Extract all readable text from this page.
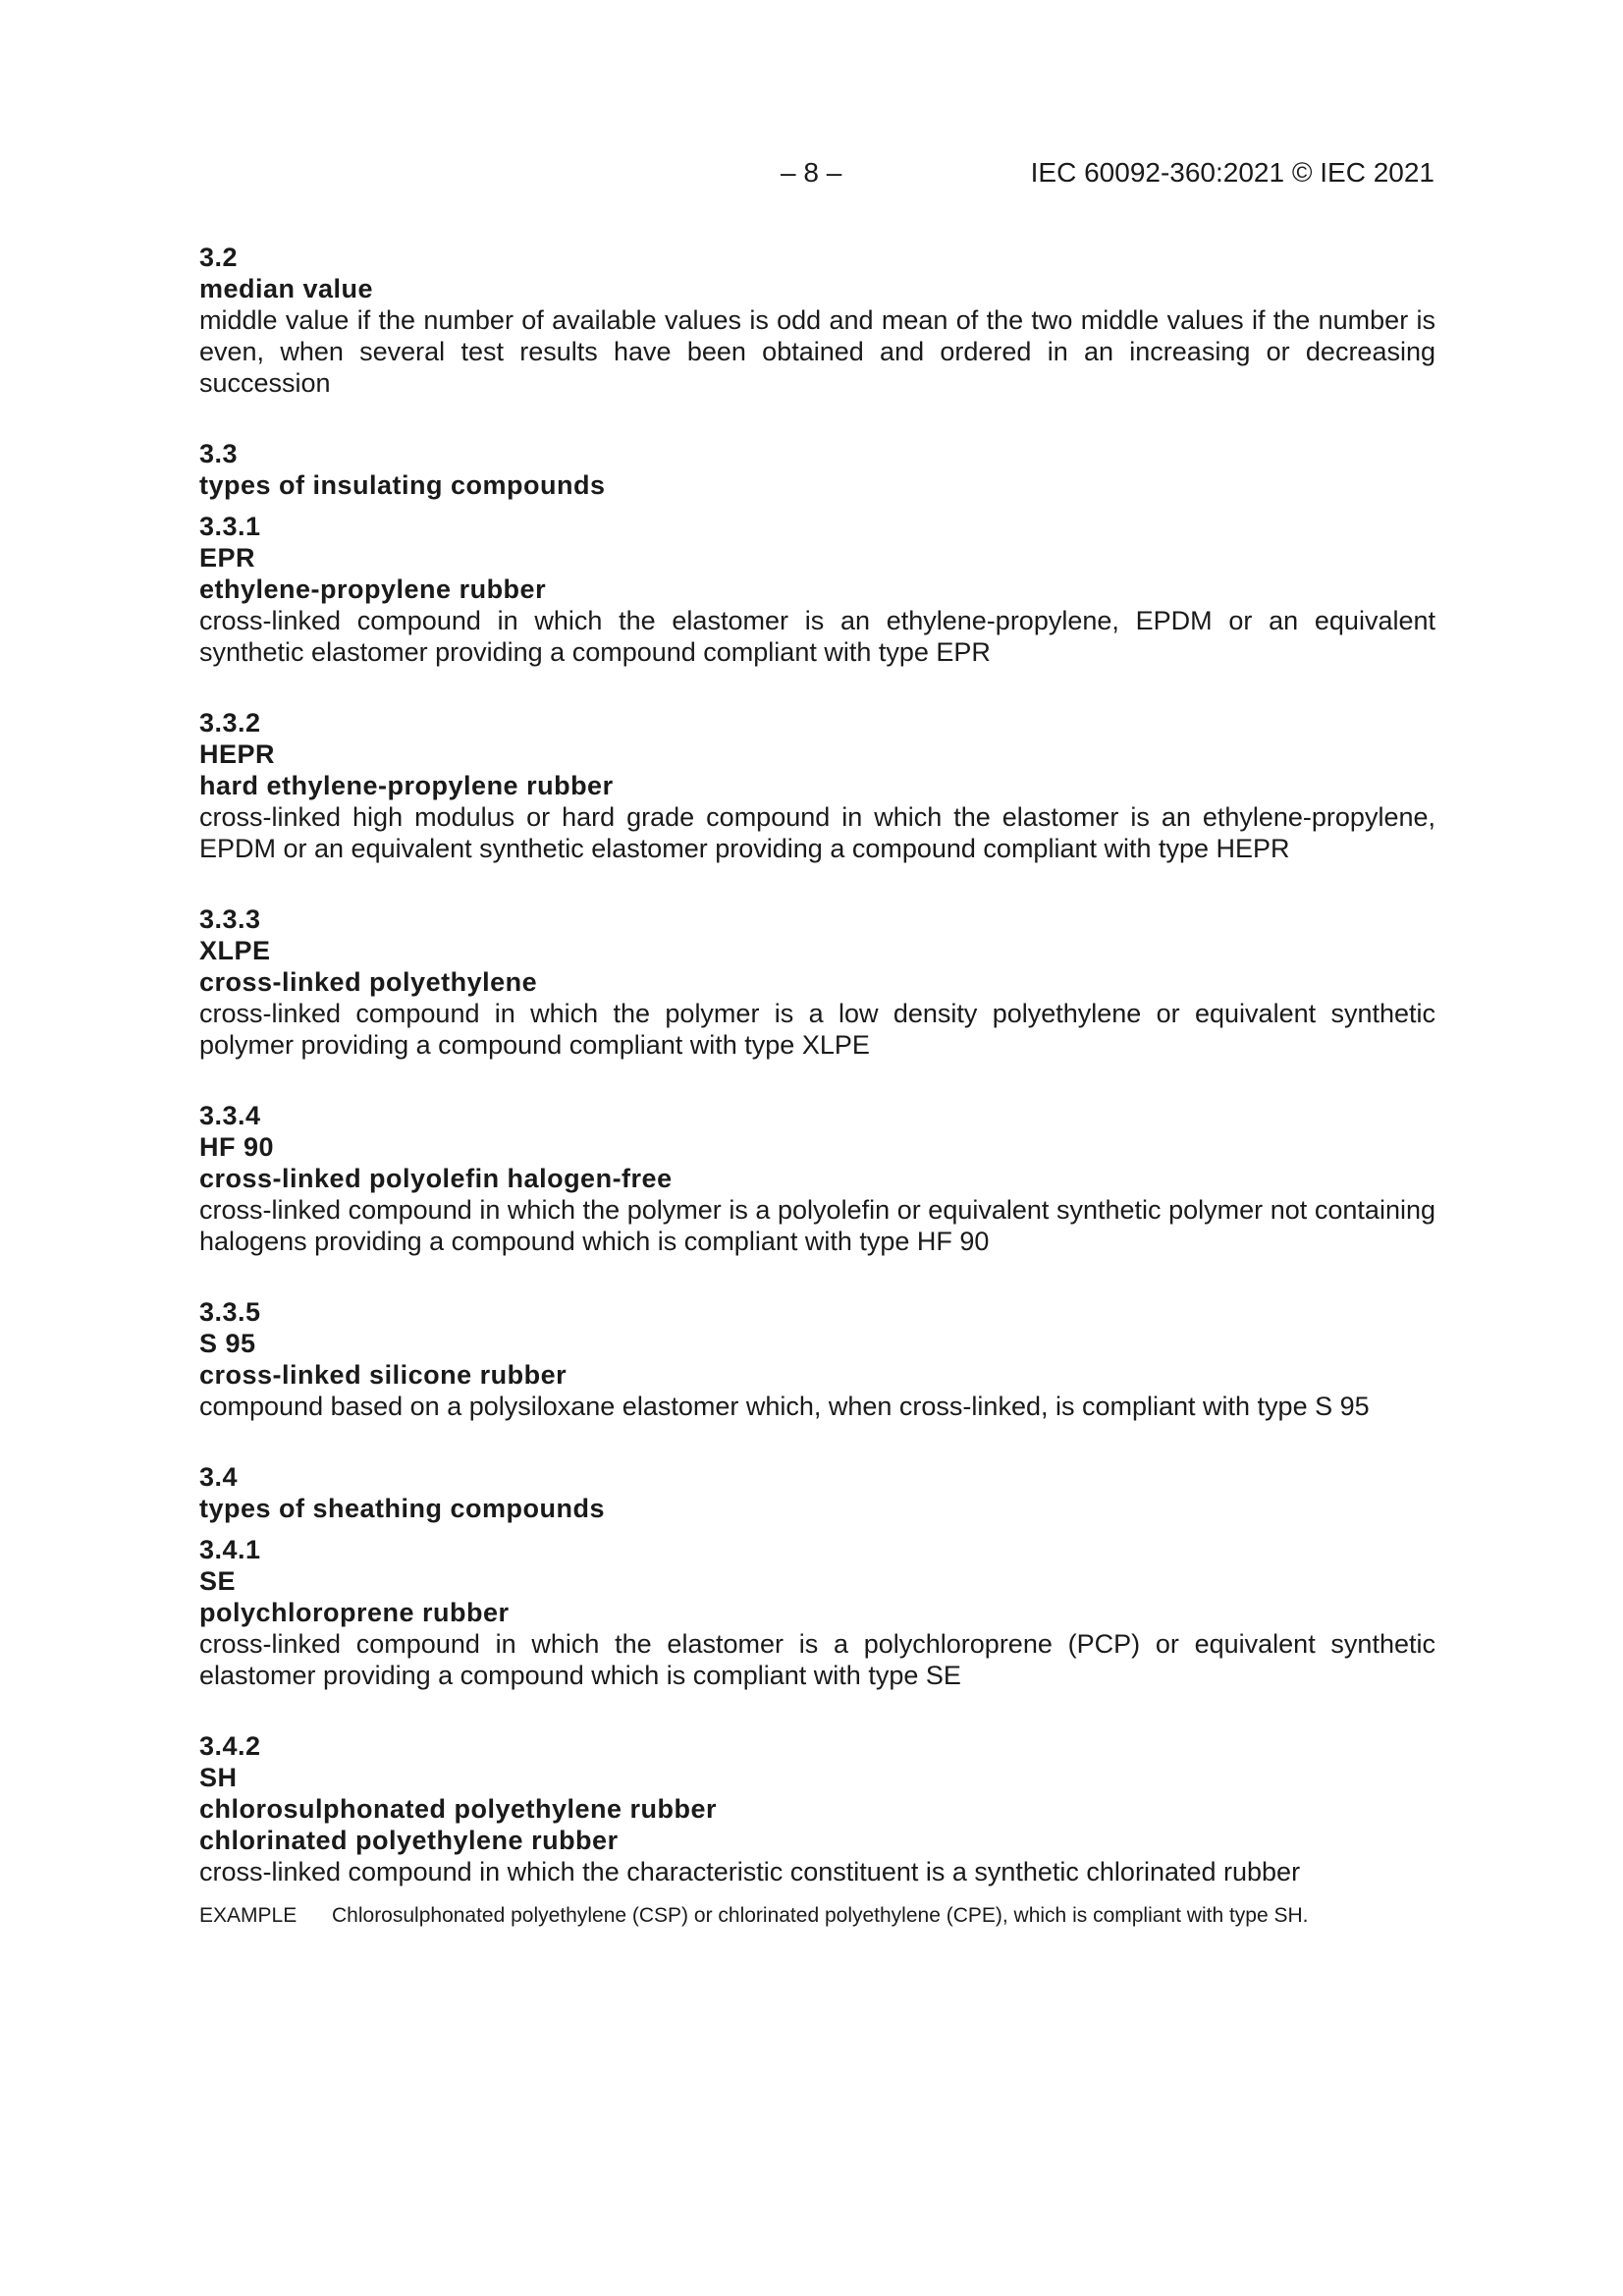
– 8 –	IEC 60092-360:2021 © IEC 2021
3.2
median value
middle value if the number of available values is odd and mean of the two middle values if the number is even, when several test results have been obtained and ordered in an increasing or decreasing succession
3.3
types of insulating compounds
3.3.1
EPR
ethylene-propylene rubber
cross-linked compound in which the elastomer is an ethylene-propylene, EPDM or an equivalent synthetic elastomer providing a compound compliant with type EPR
3.3.2
HEPR
hard ethylene-propylene rubber
cross-linked high modulus or hard grade compound in which the elastomer is an ethylene-propylene, EPDM or an equivalent synthetic elastomer providing a compound compliant with type HEPR
3.3.3
XLPE
cross-linked polyethylene
cross-linked compound in which the polymer is a low density polyethylene or equivalent synthetic polymer providing a compound compliant with type XLPE
3.3.4
HF 90
cross-linked polyolefin halogen-free
cross-linked compound in which the polymer is a polyolefin or equivalent synthetic polymer not containing halogens providing a compound which is compliant with type HF 90
3.3.5
S 95
cross-linked silicone rubber
compound based on a polysiloxane elastomer which, when cross-linked, is compliant with type S 95
3.4
types of sheathing compounds
3.4.1
SE
polychloroprene rubber
cross-linked compound in which the elastomer is a polychloroprene (PCP) or equivalent synthetic elastomer providing a compound which is compliant with type SE
3.4.2
SH
chlorosulphonated polyethylene rubber
chlorinated polyethylene rubber
cross-linked compound in which the characteristic constituent is a synthetic chlorinated rubber
EXAMPLE Chlorosulphonated polyethylene (CSP) or chlorinated polyethylene (CPE), which is compliant with type SH.
